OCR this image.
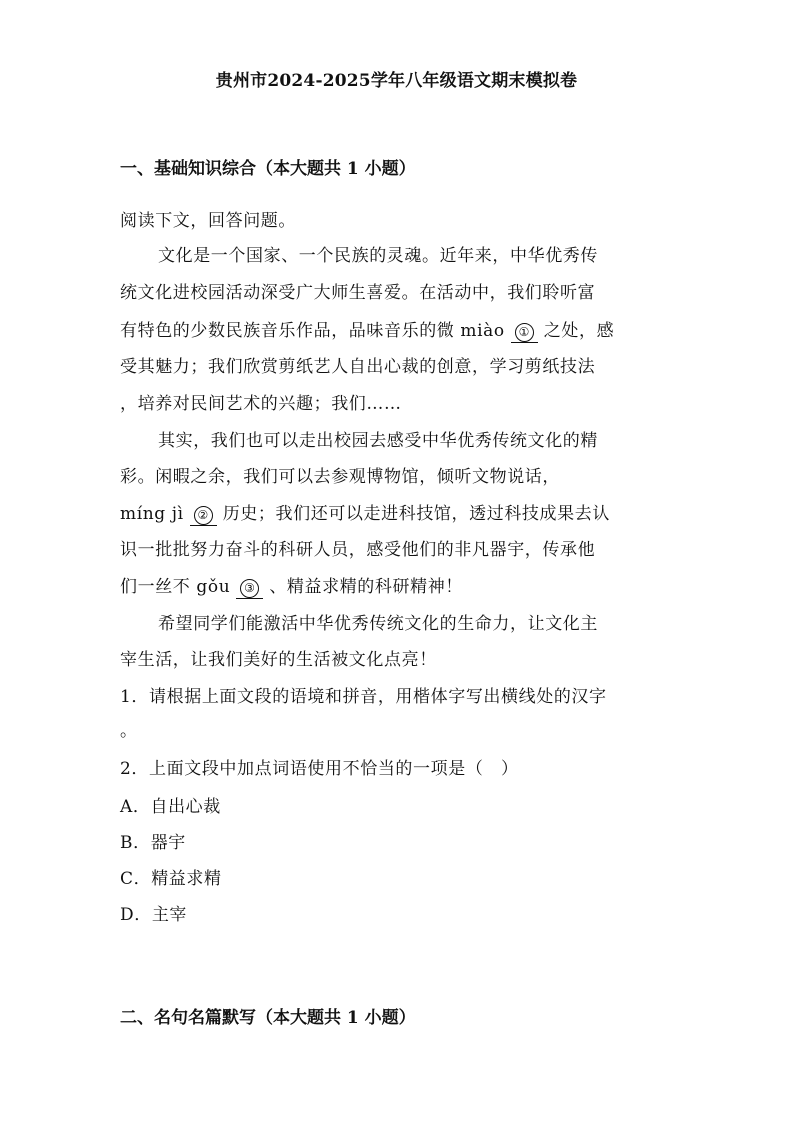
贵州市2024-2025学年八年级语文期末模拟卷
一、基础知识综合（本大题共 1 小题）
阅读下文，回答问题。
文化是一个国家、一个民族的灵魂。近年来，中华优秀传
统文化进校园活动深受广大师生喜爱。在活动中，我们聆听富
有特色的少数民族音乐作品，品味音乐的微 miào ① 之处，感
受其魅力；我们欣赏剪纸艺人自出心裁的创意，学习剪纸技法
，培养对民间艺术的兴趣；我们……
其实，我们也可以走出校园去感受中华优秀传统文化的精
彩。闲暇之余，我们可以去参观博物馆，倾听文物说话，
míng jì ② 历史；我们还可以走进科技馆，透过科技成果去认
识一批批努力奋斗的科研人员，感受他们的非凡器宇，传承他
们一丝不 gǒu ③ 、精益求精的科研精神！
希望同学们能激活中华优秀传统文化的生命力，让文化主
宰生活，让我们美好的生活被文化点亮！
1．请根据上面文段的语境和拼音，用楷体字写出横线处的汉字
。
2．上面文段中加点词语使用不恰当的一项是（　）
A．自出心裁
B．器宇
C．精益求精
D．主宰
二、名句名篇默写（本大题共 1 小题）
